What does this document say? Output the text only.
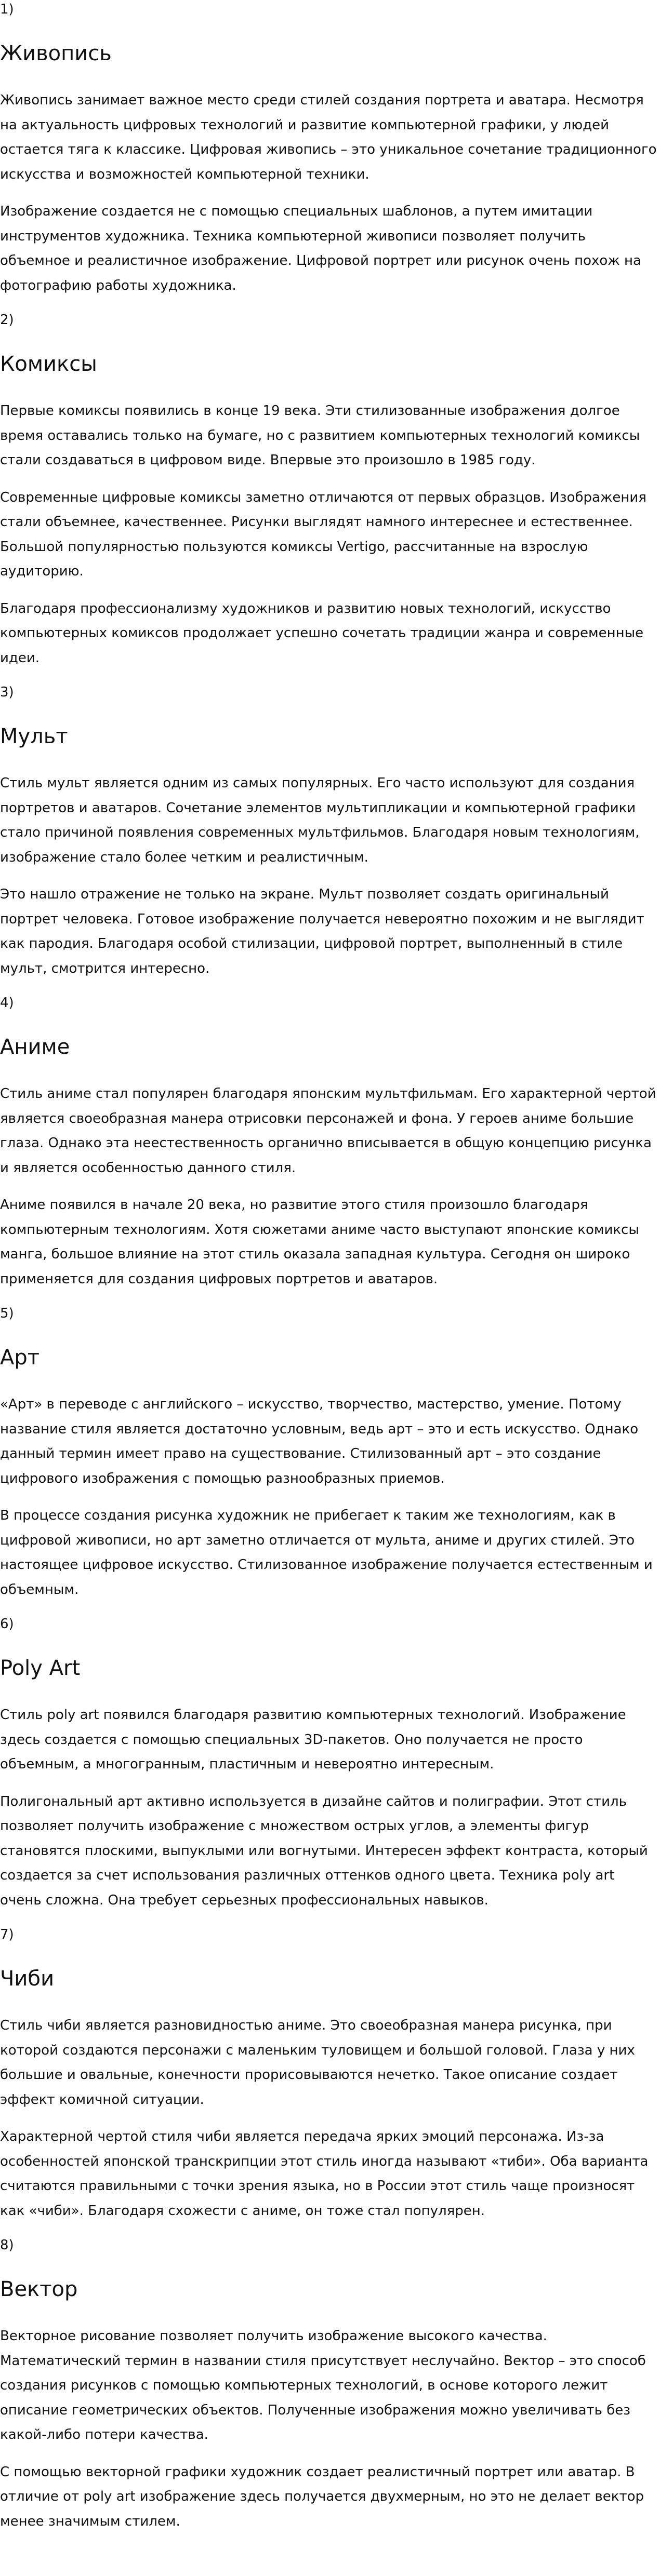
1)
Живопись

Живопись занимает важное место среди стилей создания портрета и аватара. Несмотря на актуальность цифровых технологий и развитие компьютерной графики, у людей остается тяга к классике. Цифровая живопись – это уникальное сочетание традиционного искусства и возможностей компьютерной техники.

Изображение создается не с помощью специальных шаблонов, а путем имитации инструментов художника. Техника компьютерной живописи позволяет получить объемное и реалистичное изображение. Цифровой портрет или рисунок очень похож на фотографию работы художника.

2)
Комиксы

Первые комиксы появились в конце 19 века. Эти стилизованные изображения долгое время оставались только на бумаге, но с развитием компьютерных технологий комиксы стали создаваться в цифровом виде. Впервые это произошло в 1985 году.

Современные цифровые комиксы заметно отличаются от первых образцов. Изображения стали объемнее, качественнее. Рисунки выглядят намного интереснее и естественнее. Большой популярностью пользуются комиксы Vertigo, рассчитанные на взрослую аудиторию.

Благодаря профессионализму художников и развитию новых технологий, искусство компьютерных комиксов продолжает успешно сочетать традиции жанра и современные идеи.

3)
Мульт

Стиль мульт является одним из самых популярных. Его часто используют для создания портретов и аватаров. Сочетание элементов мультипликации и компьютерной графики стало причиной появления современных мультфильмов. Благодаря новым технологиям, изображение стало более четким и реалистичным.

Это нашло отражение не только на экране. Мульт позволяет создать оригинальный портрет человека. Готовое изображение получается невероятно похожим и не выглядит как пародия. Благодаря особой стилизации, цифровой портрет, выполненный в стиле мульт, смотрится интересно.

4)
Аниме

Стиль аниме стал популярен благодаря японским мультфильмам. Его характерной чертой является своеобразная манера отрисовки персонажей и фона. У героев аниме большие глаза. Однако эта неестественность органично вписывается в общую концепцию рисунка и является особенностью данного стиля.

Аниме появился в начале 20 века, но развитие этого стиля произошло благодаря компьютерным технологиям. Хотя сюжетами аниме часто выступают японские комиксы манга, большое влияние на этот стиль оказала западная культура. Сегодня он широко применяется для создания цифровых портретов и аватаров.

5)
Арт

«Арт» в переводе с английского – искусство, творчество, мастерство, умение. Потому название стиля является достаточно условным, ведь арт – это и есть искусство. Однако данный термин имеет право на существование. Стилизованный арт – это создание цифрового изображения с помощью разнообразных приемов.

В процессе создания рисунка художник не прибегает к таким же технологиям, как в цифровой живописи, но арт заметно отличается от мульта, аниме и других стилей. Это настоящее цифровое искусство. Стилизованное изображение получается естественным и объемным.

6)
Poly Art

Стиль poly art появился благодаря развитию компьютерных технологий. Изображение здесь создается с помощью специальных 3D-пакетов. Оно получается не просто объемным, а многогранным, пластичным и невероятно интересным.

Полигональный арт активно используется в дизайне сайтов и полиграфии. Этот стиль позволяет получить изображение с множеством острых углов, а элементы фигур становятся плоскими, выпуклыми или вогнутыми. Интересен эффект контраста, который создается за счет использования различных оттенков одного цвета. Техника poly art очень сложна. Она требует серьезных профессиональных навыков.

7)
Чиби

Стиль чиби является разновидностью аниме. Это своеобразная манера рисунка, при которой создаются персонажи с маленьким туловищем и большой головой. Глаза у них большие и овальные, конечности прорисовываются нечетко. Такое описание создает эффект комичной ситуации.

Характерной чертой стиля чиби является передача ярких эмоций персонажа. Из-за особенностей японской транскрипции этот стиль иногда называют «тиби». Оба варианта считаются правильными с точки зрения языка, но в России этот стиль чаще произносят как «чиби». Благодаря схожести с аниме, он тоже стал популярен.

8)
Вектор

Векторное рисование позволяет получить изображение высокого качества. Математический термин в названии стиля присутствует неслучайно. Вектор – это способ создания рисунков с помощью компьютерных технологий, в основе которого лежит описание геометрических объектов. Полученные изображения можно увеличивать без какой-либо потери качества.

С помощью векторной графики художник создает реалистичный портрет или аватар. В отличие от poly art изображение здесь получается двухмерным, но это не делает вектор менее значимым стилем.
